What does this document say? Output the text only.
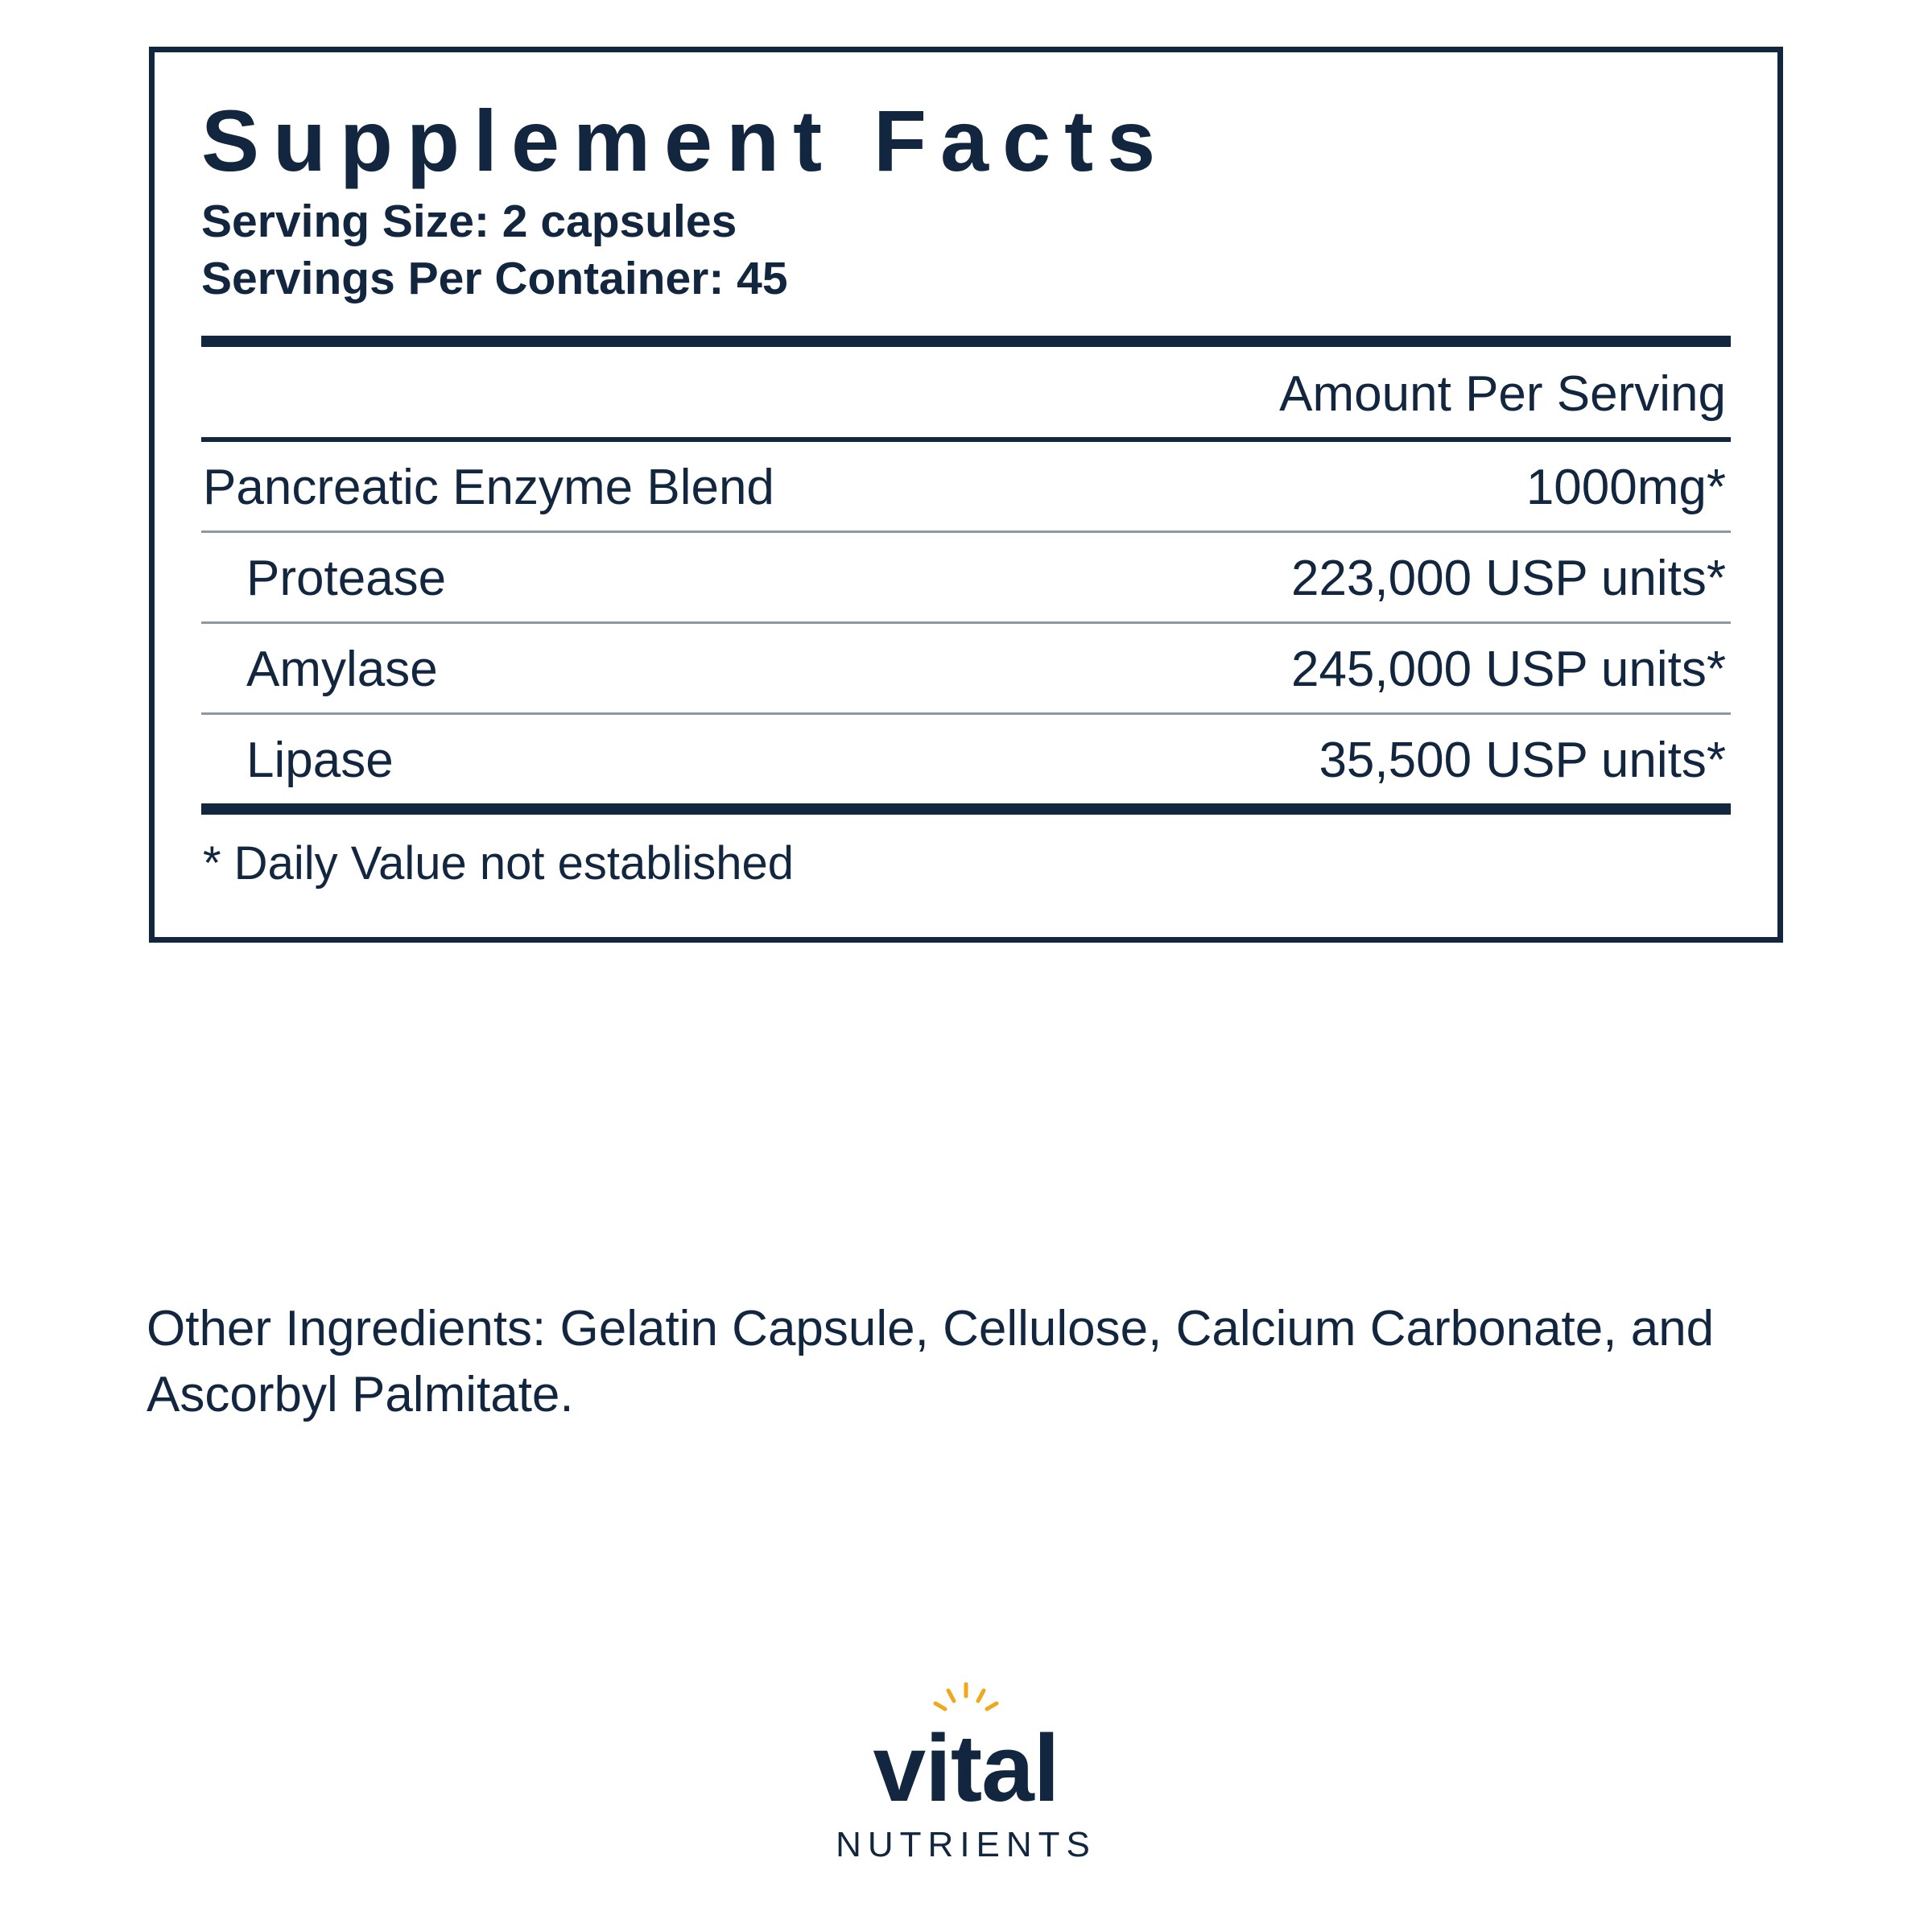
Supplement Facts
Serving Size: 2 capsules
Servings Per Container: 45
Amount Per Serving
Pancreatic Enzyme Blend	1000mg*
Protease	223,000 USP units*
Amylase	245,000 USP units*
Lipase	35,500 USP units*
* Daily Value not established
Other Ingredients: Gelatin Capsule, Cellulose, Calcium Carbonate, and Ascorbyl Palmitate.
vital
NUTRIENTS
